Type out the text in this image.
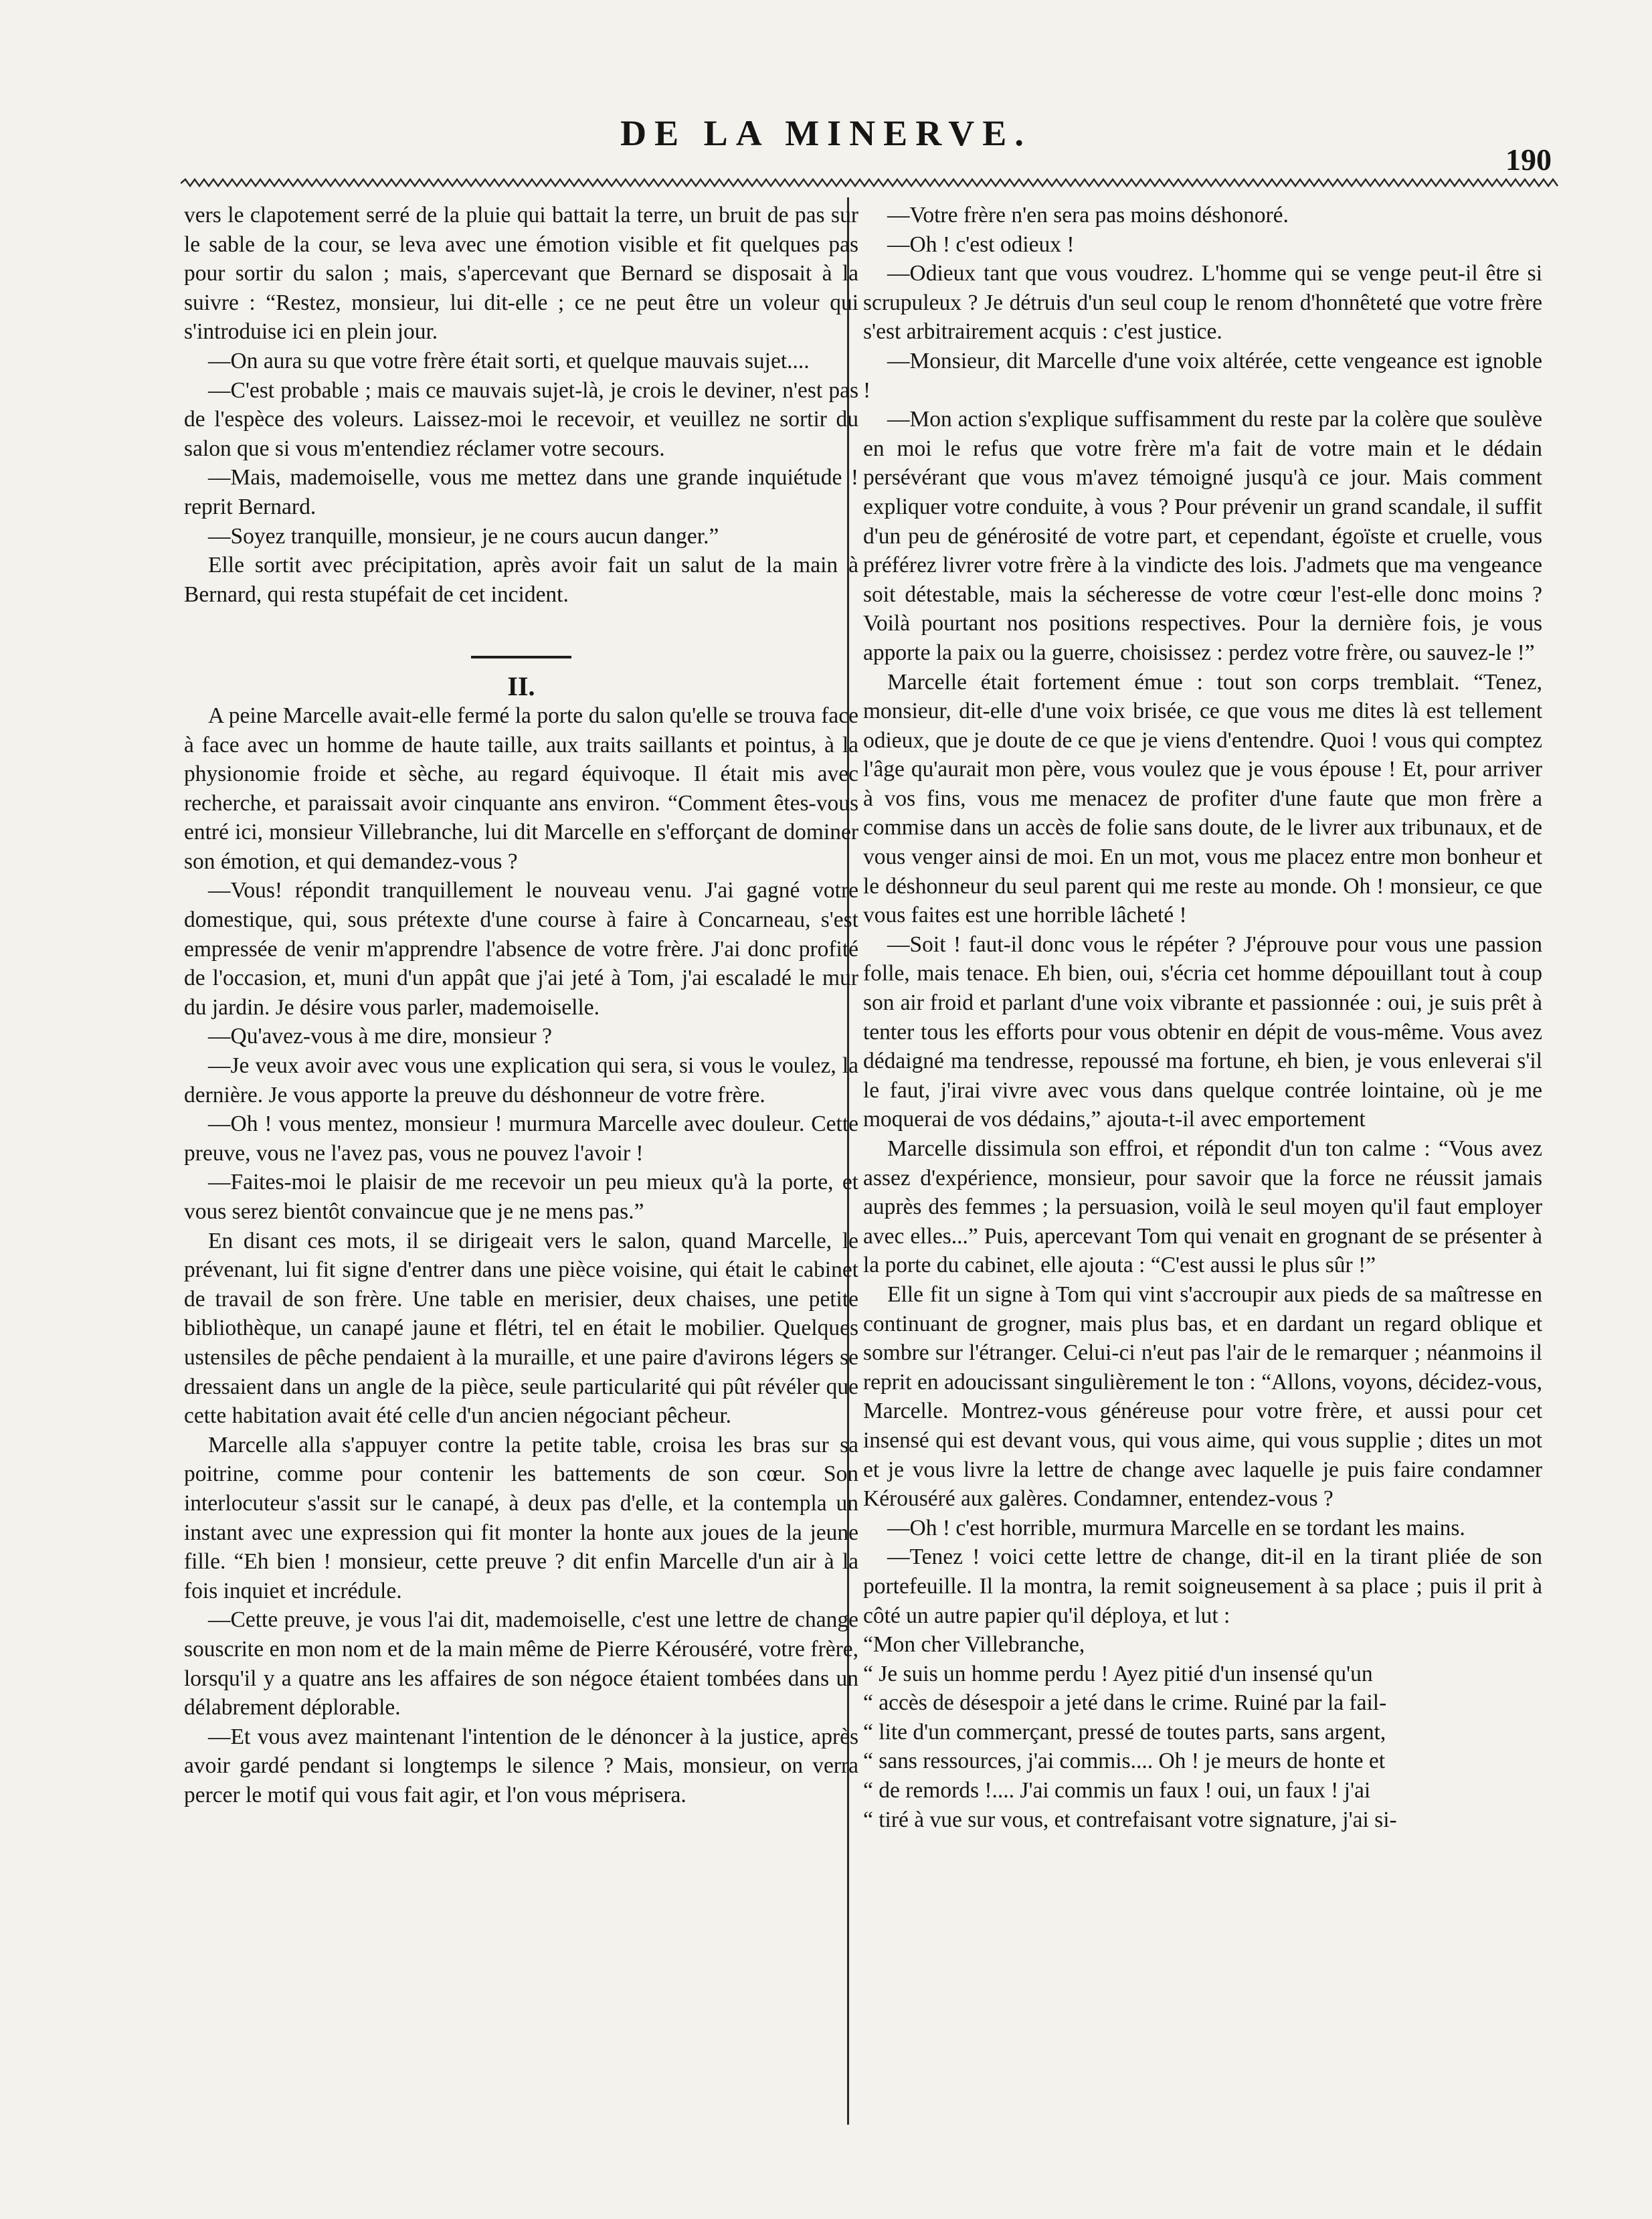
DE LA MINERVE.
190

vers le clapotement serré de la pluie qui battait la terre, un bruit de pas sur le sable de la cour, se leva avec une émotion visible et fit quelques pas pour sortir du salon ; mais, s'apercevant que Bernard se disposait à la suivre : “Restez, monsieur, lui dit-elle ; ce ne peut être un voleur qui s'introduise ici en plein jour.

—On aura su que votre frère était sorti, et quelque mauvais sujet....

—C'est probable ; mais ce mauvais sujet-là, je crois le deviner, n'est pas de l'espèce des voleurs. Laissez-moi le recevoir, et veuillez ne sortir du salon que si vous m'entendiez réclamer votre secours.

—Mais, mademoiselle, vous me mettez dans une grande inquiétude ! reprit Bernard.

—Soyez tranquille, monsieur, je ne cours aucun danger.”

Elle sortit avec précipitation, après avoir fait un salut de la main à Bernard, qui resta stupéfait de cet incident.

II.

A peine Marcelle avait-elle fermé la porte du salon qu'elle se trouva face à face avec un homme de haute taille, aux traits saillants et pointus, à la physionomie froide et sèche, au regard équivoque. Il était mis avec recherche, et paraissait avoir cinquante ans environ. “Comment êtes-vous entré ici, monsieur Villebranche, lui dit Marcelle en s'efforçant de dominer son émotion, et qui demandez-vous ?

—Vous! répondit tranquillement le nouveau venu. J'ai gagné votre domestique, qui, sous prétexte d'une course à faire à Concarneau, s'est empressée de venir m'apprendre l'absence de votre frère. J'ai donc profité de l'occasion, et, muni d'un appât que j'ai jeté à Tom, j'ai escaladé le mur du jardin. Je désire vous parler, mademoiselle.

—Qu'avez-vous à me dire, monsieur ?

—Je veux avoir avec vous une explication qui sera, si vous le voulez, la dernière. Je vous apporte la preuve du déshonneur de votre frère.

—Oh ! vous mentez, monsieur ! murmura Marcelle avec douleur. Cette preuve, vous ne l'avez pas, vous ne pouvez l'avoir !

—Faites-moi le plaisir de me recevoir un peu mieux qu'à la porte, et vous serez bientôt convaincue que je ne mens pas.”

En disant ces mots, il se dirigeait vers le salon, quand Marcelle, le prévenant, lui fit signe d'entrer dans une pièce voisine, qui était le cabinet de travail de son frère. Une table en merisier, deux chaises, une petite bibliothèque, un canapé jaune et flétri, tel en était le mobilier. Quelques ustensiles de pêche pendaient à la muraille, et une paire d'avirons légers se dressaient dans un angle de la pièce, seule particularité qui pût révéler que cette habitation avait été celle d'un ancien négociant pêcheur.

Marcelle alla s'appuyer contre la petite table, croisa les bras sur sa poitrine, comme pour contenir les battements de son cœur. Son interlocuteur s'assit sur le canapé, à deux pas d'elle, et la contempla un instant avec une expression qui fit monter la honte aux joues de la jeune fille. “Eh bien ! monsieur, cette preuve ? dit enfin Marcelle d'un air à la fois inquiet et incrédule.

—Cette preuve, je vous l'ai dit, mademoiselle, c'est une lettre de change souscrite en mon nom et de la main même de Pierre Kérouséré, votre frère, lorsqu'il y a quatre ans les affaires de son négoce étaient tombées dans un délabrement déplorable.

—Et vous avez maintenant l'intention de le dénoncer à la justice, après avoir gardé pendant si longtemps le silence ? Mais, monsieur, on verra percer le motif qui vous fait agir, et l'on vous méprisera.

—Votre frère n'en sera pas moins déshonoré.

—Oh ! c'est odieux !

—Odieux tant que vous voudrez. L'homme qui se venge peut-il être si scrupuleux ? Je détruis d'un seul coup le renom d'honnêteté que votre frère s'est arbitrairement acquis : c'est justice.

—Monsieur, dit Marcelle d'une voix altérée, cette vengeance est ignoble !

—Mon action s'explique suffisamment du reste par la colère que soulève en moi le refus que votre frère m'a fait de votre main et le dédain persévérant que vous m'avez témoigné jusqu'à ce jour. Mais comment expliquer votre conduite, à vous ? Pour prévenir un grand scandale, il suffit d'un peu de générosité de votre part, et cependant, égoïste et cruelle, vous préférez livrer votre frère à la vindicte des lois. J'admets que ma vengeance soit détestable, mais la sécheresse de votre cœur l'est-elle donc moins ? Voilà pourtant nos positions respectives. Pour la dernière fois, je vous apporte la paix ou la guerre, choisissez : perdez votre frère, ou sauvez-le !”

Marcelle était fortement émue : tout son corps tremblait. “Tenez, monsieur, dit-elle d'une voix brisée, ce que vous me dites là est tellement odieux, que je doute de ce que je viens d'entendre. Quoi ! vous qui comptez l'âge qu'aurait mon père, vous voulez que je vous épouse ! Et, pour arriver à vos fins, vous me menacez de profiter d'une faute que mon frère a commise dans un accès de folie sans doute, de le livrer aux tribunaux, et de vous venger ainsi de moi. En un mot, vous me placez entre mon bonheur et le déshonneur du seul parent qui me reste au monde. Oh ! monsieur, ce que vous faites est une horrible lâcheté !

—Soit ! faut-il donc vous le répéter ? J'éprouve pour vous une passion folle, mais tenace. Eh bien, oui, s'écria cet homme dépouillant tout à coup son air froid et parlant d'une voix vibrante et passionnée : oui, je suis prêt à tenter tous les efforts pour vous obtenir en dépit de vous-même. Vous avez dédaigné ma tendresse, repoussé ma fortune, eh bien, je vous enleverai s'il le faut, j'irai vivre avec vous dans quelque contrée lointaine, où je me moquerai de vos dédains,” ajouta-t-il avec emportement

Marcelle dissimula son effroi, et répondit d'un ton calme : “Vous avez assez d'expérience, monsieur, pour savoir que la force ne réussit jamais auprès des femmes ; la persuasion, voilà le seul moyen qu'il faut employer avec elles...” Puis, apercevant Tom qui venait en grognant de se présenter à la porte du cabinet, elle ajouta : “C'est aussi le plus sûr !”

Elle fit un signe à Tom qui vint s'accroupir aux pieds de sa maîtresse en continuant de grogner, mais plus bas, et en dardant un regard oblique et sombre sur l'étranger. Celui-ci n'eut pas l'air de le remarquer ; néanmoins il reprit en adoucissant singulièrement le ton : “Allons, voyons, décidez-vous, Marcelle. Montrez-vous généreuse pour votre frère, et aussi pour cet insensé qui est devant vous, qui vous aime, qui vous supplie ; dites un mot et je vous livre la lettre de change avec laquelle je puis faire condamner Kérouséré aux galères. Condamner, entendez-vous ?

—Oh ! c'est horrible, murmura Marcelle en se tordant les mains.

—Tenez ! voici cette lettre de change, dit-il en la tirant pliée de son portefeuille. Il la montra, la remit soigneusement à sa place ; puis il prit à côté un autre papier qu'il déploya, et lut :

“Mon cher Villebranche,

“ Je suis un homme perdu ! Ayez pitié d'un insensé qu'un

“ accès de désespoir a jeté dans le crime. Ruiné par la fail-

“ lite d'un commerçant, pressé de toutes parts, sans argent,

“ sans ressources, j'ai commis.... Oh ! je meurs de honte et

“ de remords !.... J'ai commis un faux ! oui, un faux ! j'ai

“ tiré à vue sur vous, et contrefaisant votre signature, j'ai si-
